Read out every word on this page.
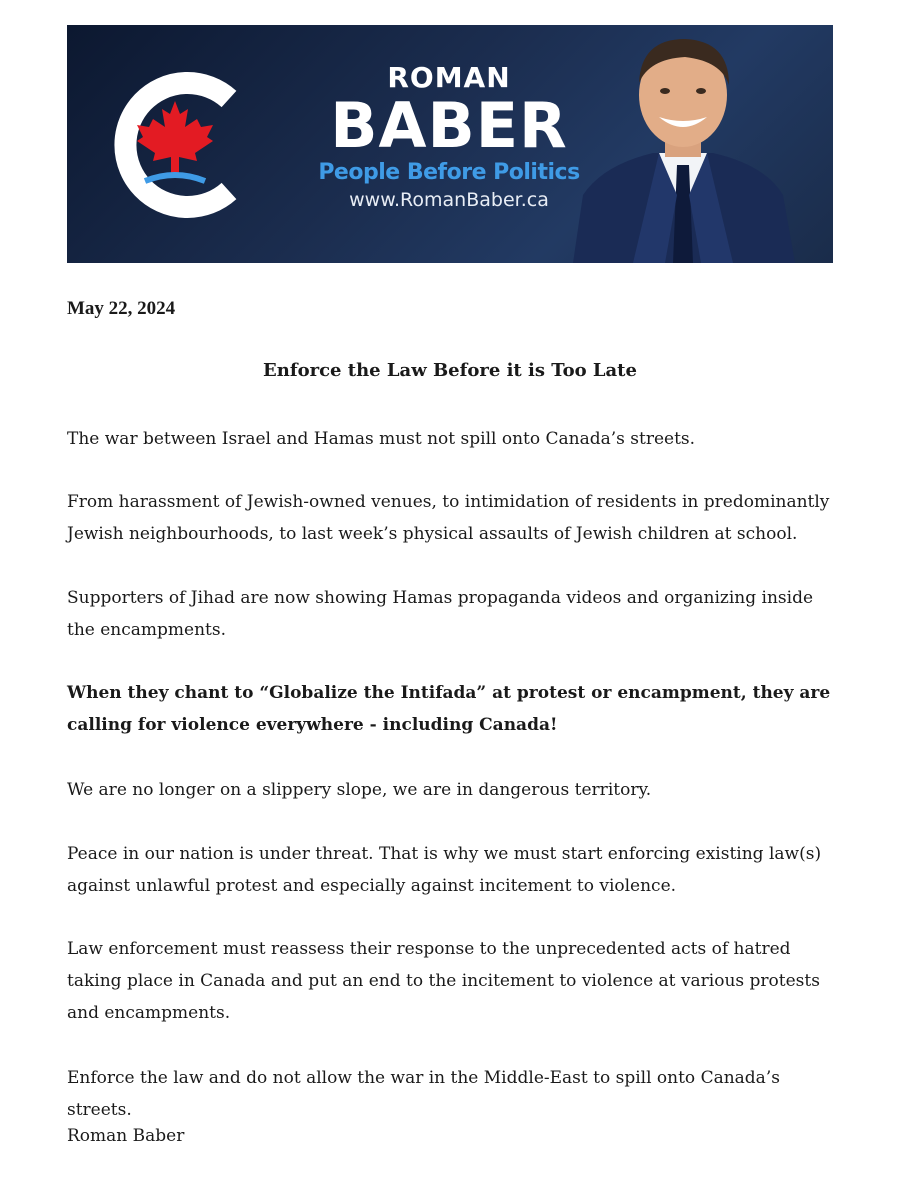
ROMAN
BABER
People Before Politics
www.RomanBaber.ca
May 22, 2024
Enforce the Law Before it is Too Late

The war between Israel and Hamas must not spill onto Canada’s streets.

From harassment of Jewish-owned venues, to intimidation of residents in predominantly Jewish neighbourhoods, to last week’s physical assaults of Jewish children at school.

Supporters of Jihad are now showing Hamas propaganda videos and organizing inside the encampments.

When they chant to “Globalize the Intifada” at protest or encampment, they are calling for violence everywhere - including Canada!

We are no longer on a slippery slope, we are in dangerous territory.

Peace in our nation is under threat. That is why we must start enforcing existing law(s) against unlawful protest and especially against incitement to violence.

Law enforcement must reassess their response to the unprecedented acts of hatred taking place in Canada and put an end to the incitement to violence at various protests and encampments.

Enforce the law and do not allow the war in the Middle-East to spill onto Canada’s streets.

Roman Baber
